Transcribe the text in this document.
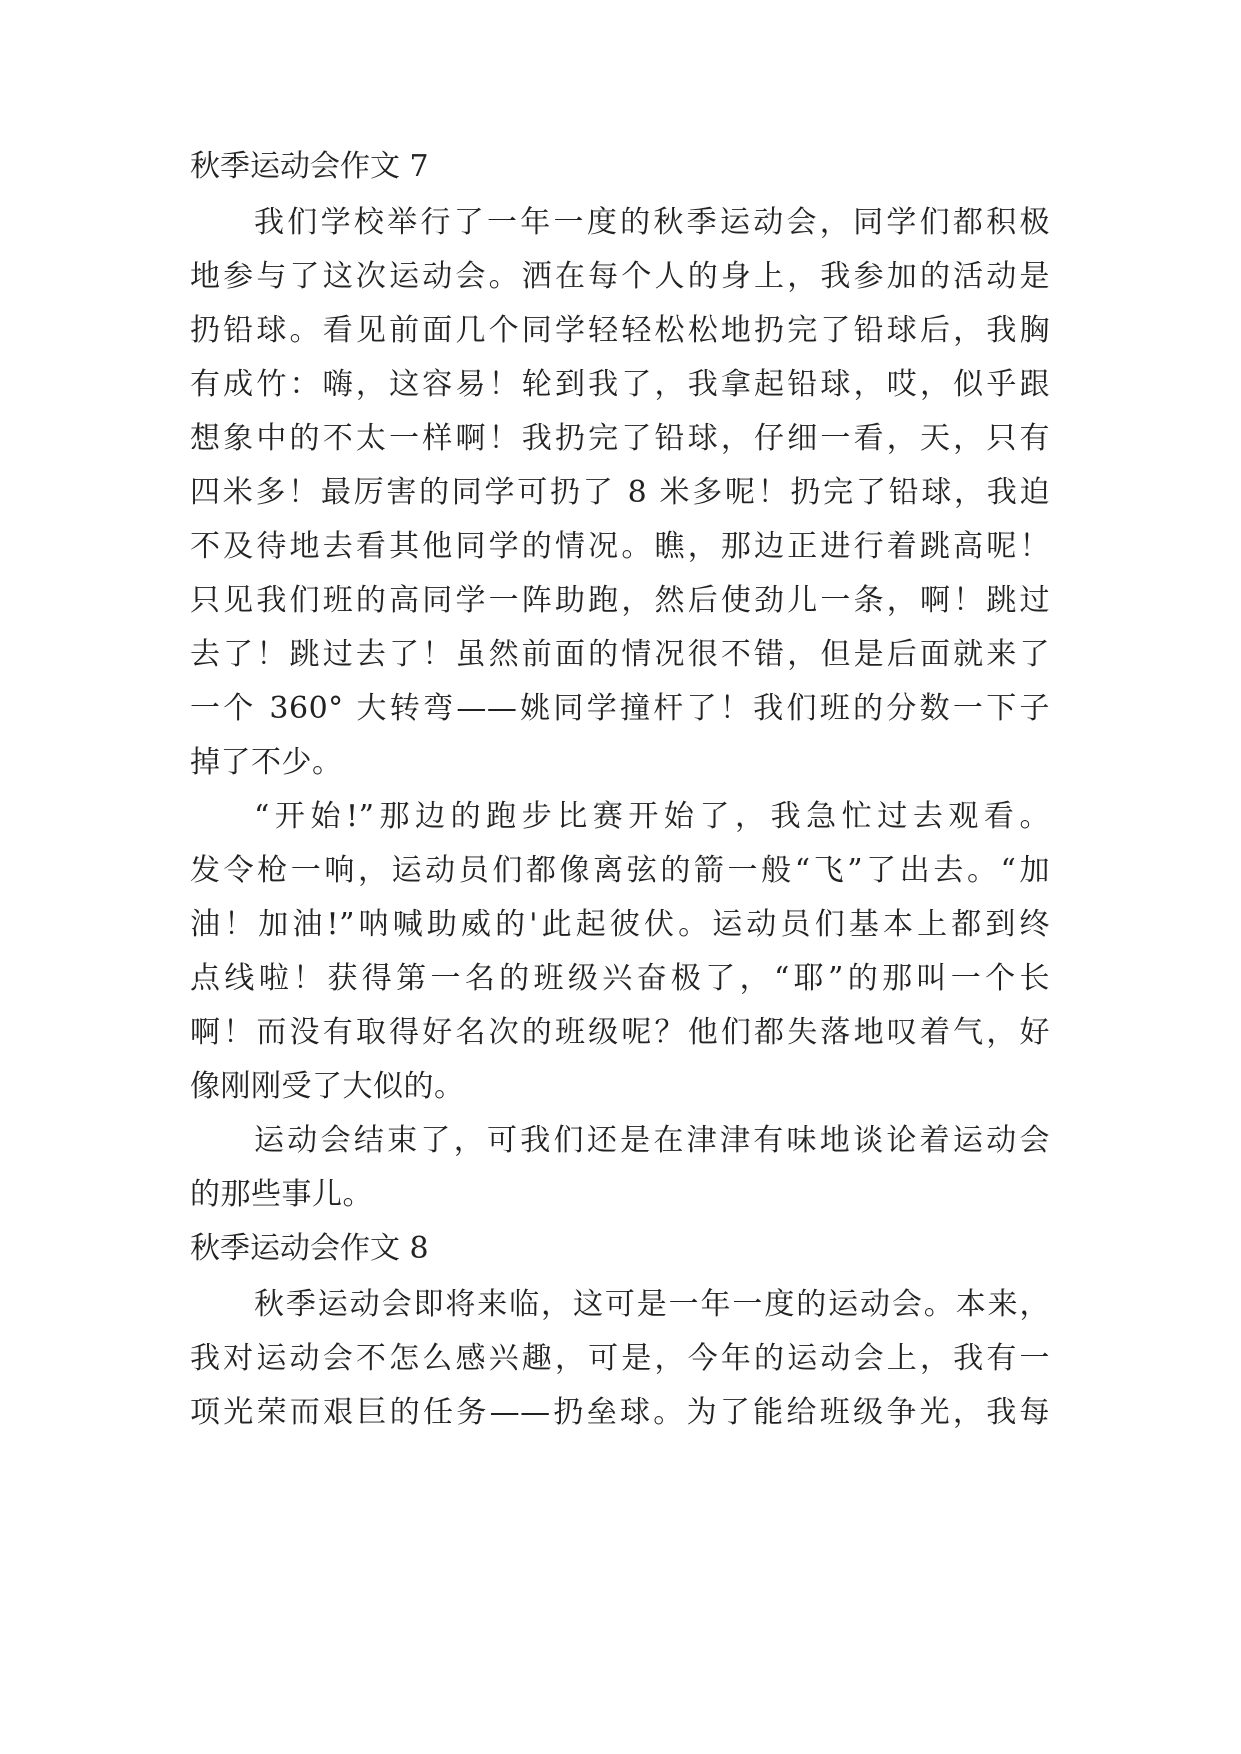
秋季运动会作文 7
我们学校举行了一年一度的秋季运动会，同学们都积极
地参与了这次运动会。洒在每个人的身上，我参加的活动是
扔铅球。看见前面几个同学轻轻松松地扔完了铅球后，我胸
有成竹：嗨，这容易！轮到我了，我拿起铅球，哎，似乎跟
想象中的不太一样啊！我扔完了铅球，仔细一看，天，只有
四米多！最厉害的同学可扔了 8 米多呢！扔完了铅球，我迫
不及待地去看其他同学的情况。瞧，那边正进行着跳高呢！
只见我们班的高同学一阵助跑，然后使劲儿一条，啊！跳过
去了！跳过去了！虽然前面的情况很不错，但是后面就来了
一个 360° 大转弯——姚同学撞杆了！我们班的分数一下子
掉了不少。
“开始!”那边的跑步比赛开始了，我急忙过去观看。
发令枪一响，运动员们都像离弦的箭一般“飞”了出去。“加
油！加油!”呐喊助威的'此起彼伏。运动员们基本上都到终
点线啦！获得第一名的班级兴奋极了，“耶”的那叫一个长
啊！而没有取得好名次的班级呢？他们都失落地叹着气，好
像刚刚受了大似的。
运动会结束了，可我们还是在津津有味地谈论着运动会
的那些事儿。
秋季运动会作文 8
秋季运动会即将来临，这可是一年一度的运动会。本来，
我对运动会不怎么感兴趣，可是，今年的运动会上，我有一
项光荣而艰巨的任务——扔垒球。为了能给班级争光，我每
